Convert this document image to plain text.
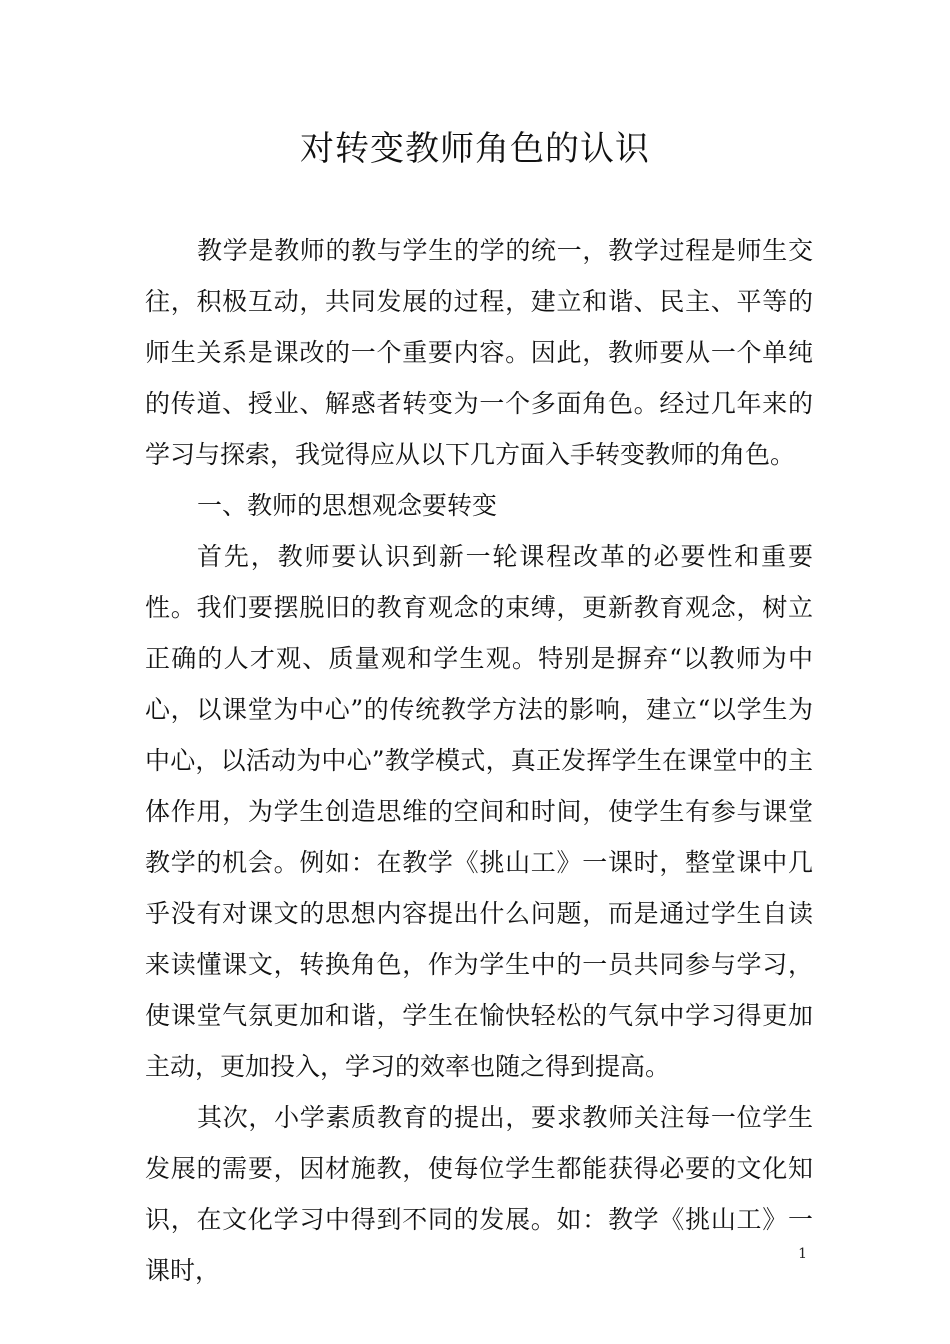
对转变教师角色的认识

教学是教师的教与学生的学的统一，教学过程是师生交往，积极互动，共同发展的过程，建立和谐、民主、平等的师生关系是课改的一个重要内容。因此，教师要从一个单纯的传道、授业、解惑者转变为一个多面角色。经过几年来的学习与探索，我觉得应从以下几方面入手转变教师的角色。

一、教师的思想观念要转变

首先，教师要认识到新一轮课程改革的必要性和重要性。我们要摆脱旧的教育观念的束缚，更新教育观念，树立正确的人才观、质量观和学生观。特别是摒弃“以教师为中心，以课堂为中心”的传统教学方法的影响，建立“以学生为中心，以活动为中心”教学模式，真正发挥学生在课堂中的主体作用，为学生创造思维的空间和时间，使学生有参与课堂教学的机会。例如：在教学《挑山工》一课时，整堂课中几乎没有对课文的思想内容提出什么问题，而是通过学生自读来读懂课文，转换角色，作为学生中的一员共同参与学习，使课堂气氛更加和谐，学生在愉快轻松的气氛中学习得更加主动，更加投入，学习的效率也随之得到提高。

其次，小学素质教育的提出，要求教师关注每一位学生发展的需要，因材施教，使每位学生都能获得必要的文化知识，在文化学习中得到不同的发展。如：教学《挑山工》一课时，

1
